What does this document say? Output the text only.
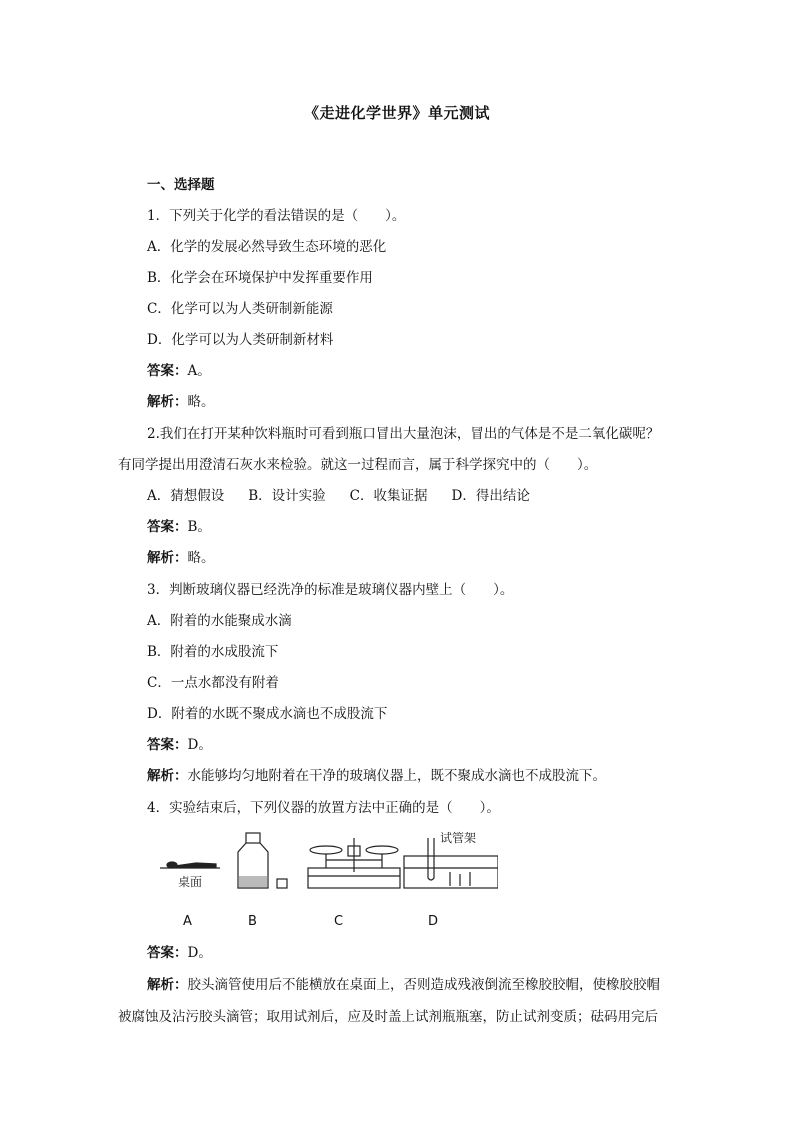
《走进化学世界》单元测试
一、选择题
1．下列关于化学的看法错误的是（　　）。
A．化学的发展必然导致生态环境的恶化
B．化学会在环境保护中发挥重要作用
C．化学可以为人类研制新能源
D．化学可以为人类研制新材料
答案：A。
解析：略。
2.我们在打开某种饮料瓶时可看到瓶口冒出大量泡沫，冒出的气体是不是二氧化碳呢？
有同学提出用澄清石灰水来检验。就这一过程而言，属于科学探究中的（　　）。
A．猜想假设 B．设计实验 C．收集证据 D．得出结论
答案：B。
解析：略。
3．判断玻璃仪器已经洗净的标准是玻璃仪器内壁上（　　）。
A．附着的水能聚成水滴
B．附着的水成股流下
C．一点水都没有附着
D．附着的水既不聚成水滴也不成股流下
答案：D。
解析：水能够均匀地附着在干净的玻璃仪器上，既不聚成水滴也不成股流下。
4．实验结束后，下列仪器的放置方法中正确的是（　　）。
桌面
试管架
A	B	C	D
答案：D。
解析：胶头滴管使用后不能横放在桌面上，否则造成残液倒流至橡胶胶帽，使橡胶胶帽
被腐蚀及沾污胶头滴管；取用试剂后，应及时盖上试剂瓶瓶塞，防止试剂变质；砝码用完后
